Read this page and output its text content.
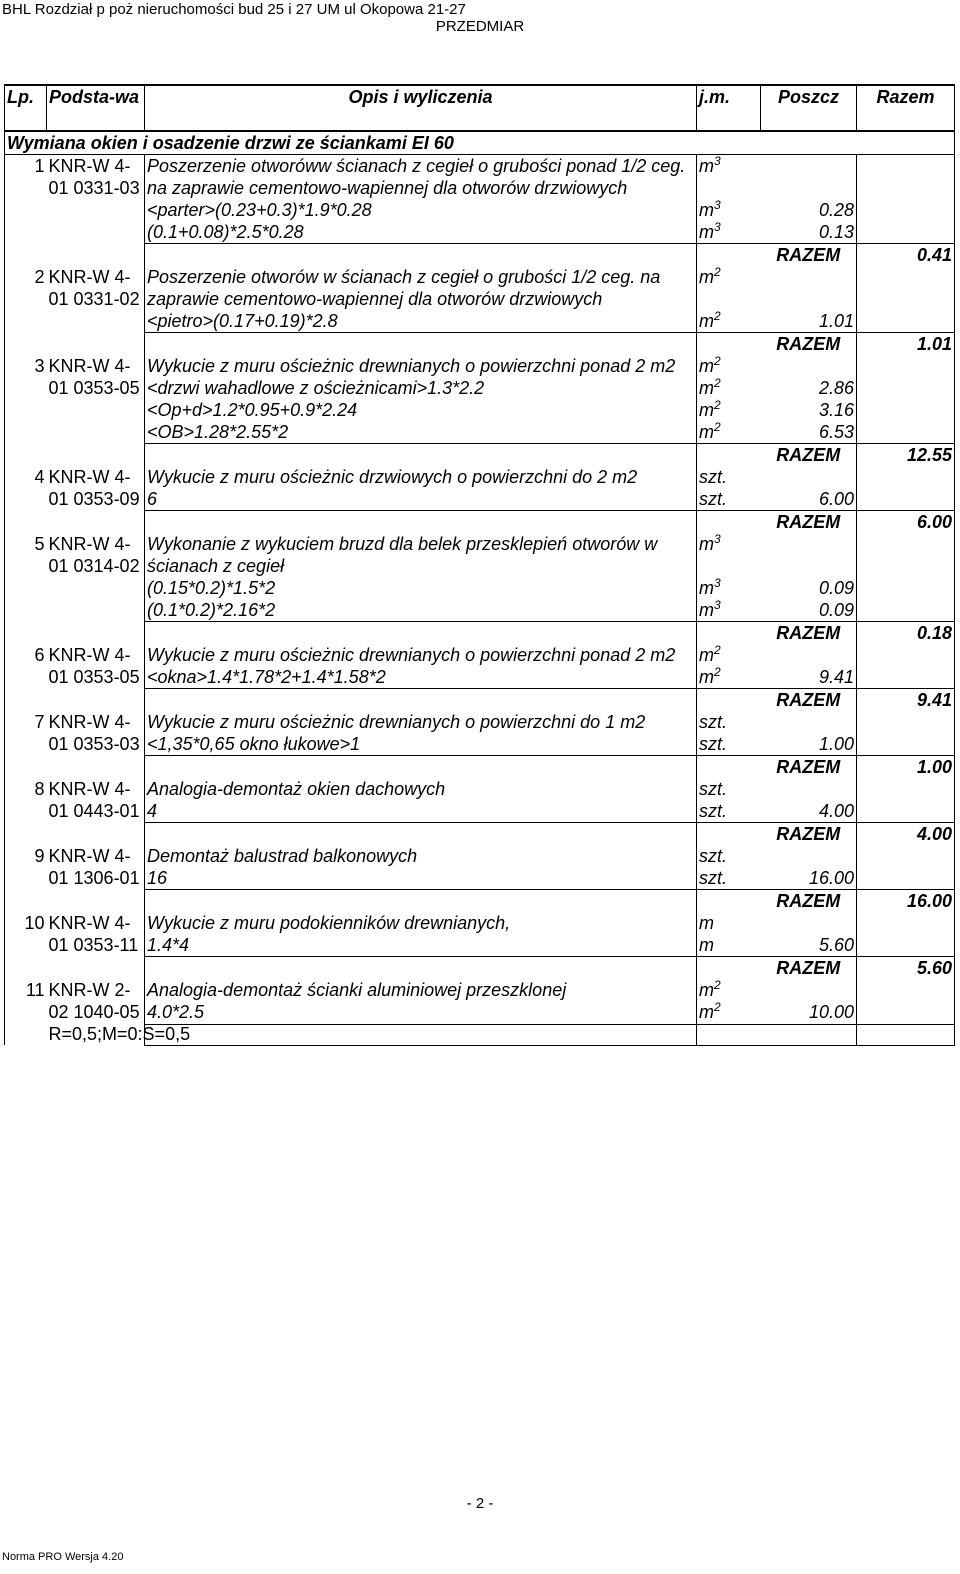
BHL Rozdział p poż nieruchomości bud 25 i 27 UM ul Okopowa 21-27
PRZEDMIAR
Lp.	Podsta-wa	Opis i wyliczenia	j.m.	Poszcz	Razem
Wymiana okien i osadzenie drzwi ze ściankami EI 60					
1	KNR-W 4-01 0331-03	Poszerzenie otworóww ścianach z cegieł o grubości ponad 1/2 ceg. na zaprawie cementowo-wapiennej dla otworów drzwiowych	$m^3$		
		<parter>(0.23+0.3)*1.9*0.28	$m^3$	0.28	
		(0.1+0.08)*2.5*0.28	$m^3$	0.13	
				RAZEM	0.41
2	KNR-W 4-01 0331-02	Poszerzenie otworów w ścianach z cegieł o grubości 1/2 ceg. na zaprawie cementowo-wapiennej dla otworów drzwiowych	$m^2$		
		<pietro>(0.17+0.19)*2.8	$m^2$	1.01	
				RAZEM	1.01
3	KNR-W 4-01 0353-05	Wykucie z muru ościeżnic drewnianych o powierzchni ponad 2 m2	$m^2$		
		<drzwi wahadlowe z ościeżnicami>1.3*2.2	$m^2$	2.86	
		<Op+d>1.2*0.95+0.9*2.24	$m^2$	3.16	
		<OB>1.28*2.55*2	$m^2$	6.53	
				RAZEM	12.55
4	KNR-W 4-01 0353-09	Wykucie z muru ościeżnic drzwiowych o powierzchni do 2 m2	szt.		
		6	szt.	6.00	
				RAZEM	6.00
5	KNR-W 4-01 0314-02	Wykonanie z wykuciem bruzd dla belek przesklepień otworów w ścianach z cegieł	$m^3$		
		(0.15*0.2)*1.5*2	$m^3$	0.09	
		(0.1*0.2)*2.16*2	$m^3$	0.09	
				RAZEM	0.18
6	KNR-W 4-01 0353-05	Wykucie z muru ościeżnic drewnianych o powierzchni ponad 2 m2	$m^2$		
		<okna>1.4*1.78*2+1.4*1.58*2	$m^2$	9.41	
				RAZEM	9.41
7	KNR-W 4-01 0353-03	Wykucie z muru ościeżnic drewnianych o powierzchni do 1 m2	szt.		
		<1,35*0,65 okno łukowe>1	szt.	1.00	
				RAZEM	1.00
8	KNR-W 4-01 0443-01	Analogia-demontaż okien dachowych	szt.		
		4	szt.	4.00	
				RAZEM	4.00
9	KNR-W 4-01 1306-01	Demontaż balustrad balkonowych	szt.		
		16	szt.	16.00	
				RAZEM	16.00
10	KNR-W 4-01 0353-11	Wykucie z muru podokienników drewnianych,	m		
		1.4*4	m	5.60	
				RAZEM	5.60
11	KNR-W 2-02 1040-05 R=0,5;M=0:S=0,5	Analogia-demontaż ścianki aluminiowej przeszklonej	$m^2$		
		4.0*2.5	$m^2$	10.00	

- 2 -
Norma PRO Wersja 4.20
